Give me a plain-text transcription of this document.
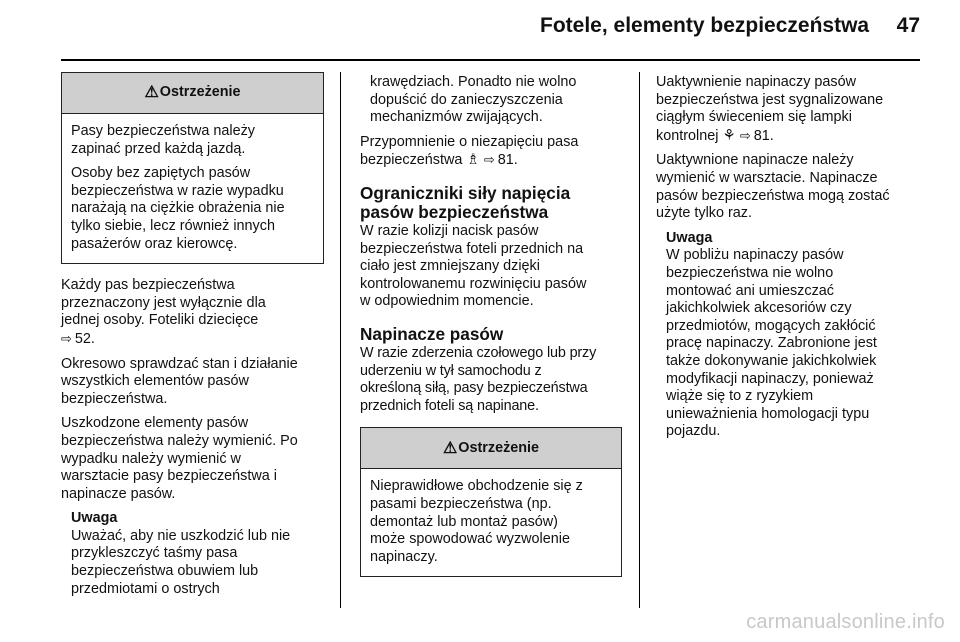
Fotele, elementy bezpieczeństwa	47
⚠ Ostrzeżenie

Pasy bezpieczeństwa należy
zapinać przed każdą jazdą.

Osoby bez zapiętych pasów
bezpieczeństwa w razie wypadku
narażają na ciężkie obrażenia nie
tylko siebie, lecz również innych
pasażerów oraz kierowcę.

Każdy pas bezpieczeństwa
przeznaczony jest wyłącznie dla
jednej osoby. Foteliki dziecięce
⇨ 52.

Okresowo sprawdzać stan i działanie
wszystkich elementów pasów
bezpieczeństwa.

Uszkodzone elementy pasów
bezpieczeństwa należy wymienić. Po
wypadku należy wymienić w
warsztacie pasy bezpieczeństwa i
napinacze pasów.

Uwaga
Uważać, aby nie uszkodzić lub nie
przykleszczyć taśmy pasa
bezpieczeństwa obuwiem lub
przedmiotami o ostrych
krawędziach. Ponadto nie wolno
dopuścić do zanieczyszczenia
mechanizmów zwijających.

Przypomnienie o niezapięciu pasa
bezpieczeństwa ♗ ⇨ 81.

Ograniczniki siły napięcia
pasów bezpieczeństwa

W razie kolizji nacisk pasów
bezpieczeństwa foteli przednich na
ciało jest zmniejszany dzięki
kontrolowanemu rozwinięciu pasów
w odpowiednim momencie.

Napinacze pasów

W razie zderzenia czołowego lub przy
uderzeniu w tył samochodu z
określoną siłą, pasy bezpieczeństwa
przednich foteli są napinane.

⚠ Ostrzeżenie

Nieprawidłowe obchodzenie się z
pasami bezpieczeństwa (np.
demontaż lub montaż pasów)
może spowodować wyzwolenie
napinaczy.

Uaktywnienie napinaczy pasów
bezpieczeństwa jest sygnalizowane
ciągłym świeceniem się lampki
kontrolnej ⚘ ⇨ 81.

Uaktywnione napinacze należy
wymienić w warsztacie. Napinacze
pasów bezpieczeństwa mogą zostać
użyte tylko raz.

Uwaga
W pobliżu napinaczy pasów
bezpieczeństwa nie wolno
montować ani umieszczać
jakichkolwiek akcesoriów czy
przedmiotów, mogących zakłócić
pracę napinaczy. Zabronione jest
także dokonywanie jakichkolwiek
modyfikacji napinaczy, ponieważ
wiąże się to z ryzykiem
unieważnienia homologacji typu
pojazdu.
carmanualsonline.info
